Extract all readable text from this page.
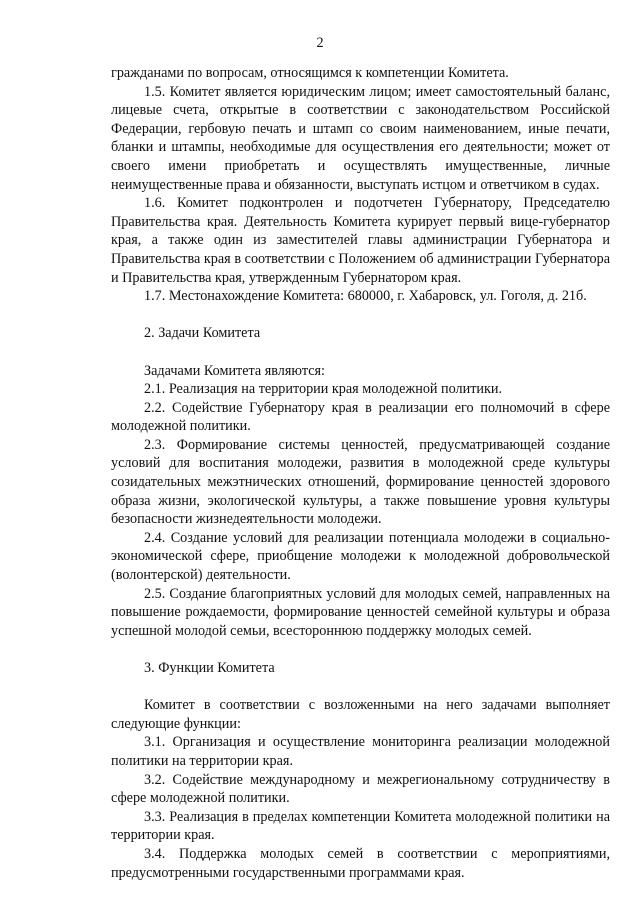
2

гражданами по вопросам, относящимся к компетенции Комитета.

1.5. Комитет является юридическим лицом; имеет самостоятельный баланс, лицевые счета, открытые в соответствии с законодательством Российской Федерации, гербовую печать и штамп со своим наименованием, иные печати, бланки и штампы, необходимые для осуществления его деятельности; может от своего имени приобретать и осуществлять имущественные, личные неимущественные права и обязанности, выступать истцом и ответчиком в судах.

1.6. Комитет подконтролен и подотчетен Губернатору, Председателю Правительства края. Деятельность Комитета курирует первый вице-губернатор края, а также один из заместителей главы администрации Губернатора и Правительства края в соответствии с Положением об администрации Губернатора и Правительства края, утвержденным Губернатором края.

1.7. Местонахождение Комитета: 680000, г. Хабаровск, ул. Гоголя, д. 21б.

2. Задачи Комитета

Задачами Комитета являются:

2.1. Реализация на территории края молодежной политики.

2.2. Содействие Губернатору края в реализации его полномочий в сфере молодежной политики.

2.3. Формирование системы ценностей, предусматривающей создание условий для воспитания молодежи, развития в молодежной среде культуры созидательных межэтнических отношений, формирование ценностей здорового образа жизни, экологической культуры, а также повышение уровня культуры безопасности жизнедеятельности молодежи.

2.4. Создание условий для реализации потенциала молодежи в социально-экономической сфере, приобщение молодежи к молодежной добровольческой (волонтерской) деятельности.

2.5. Создание благоприятных условий для молодых семей, направленных на повышение рождаемости, формирование ценностей семейной культуры и образа успешной молодой семьи, всестороннюю поддержку молодых семей.

3. Функции Комитета

Комитет в соответствии с возложенными на него задачами выполняет следующие функции:

3.1. Организация и осуществление мониторинга реализации молодежной политики на территории края.

3.2. Содействие международному и межрегиональному сотрудничеству в сфере молодежной политики.

3.3. Реализация в пределах компетенции Комитета молодежной политики на территории края.

3.4. Поддержка молодых семей в соответствии с мероприятиями, предусмотренными государственными программами края.
